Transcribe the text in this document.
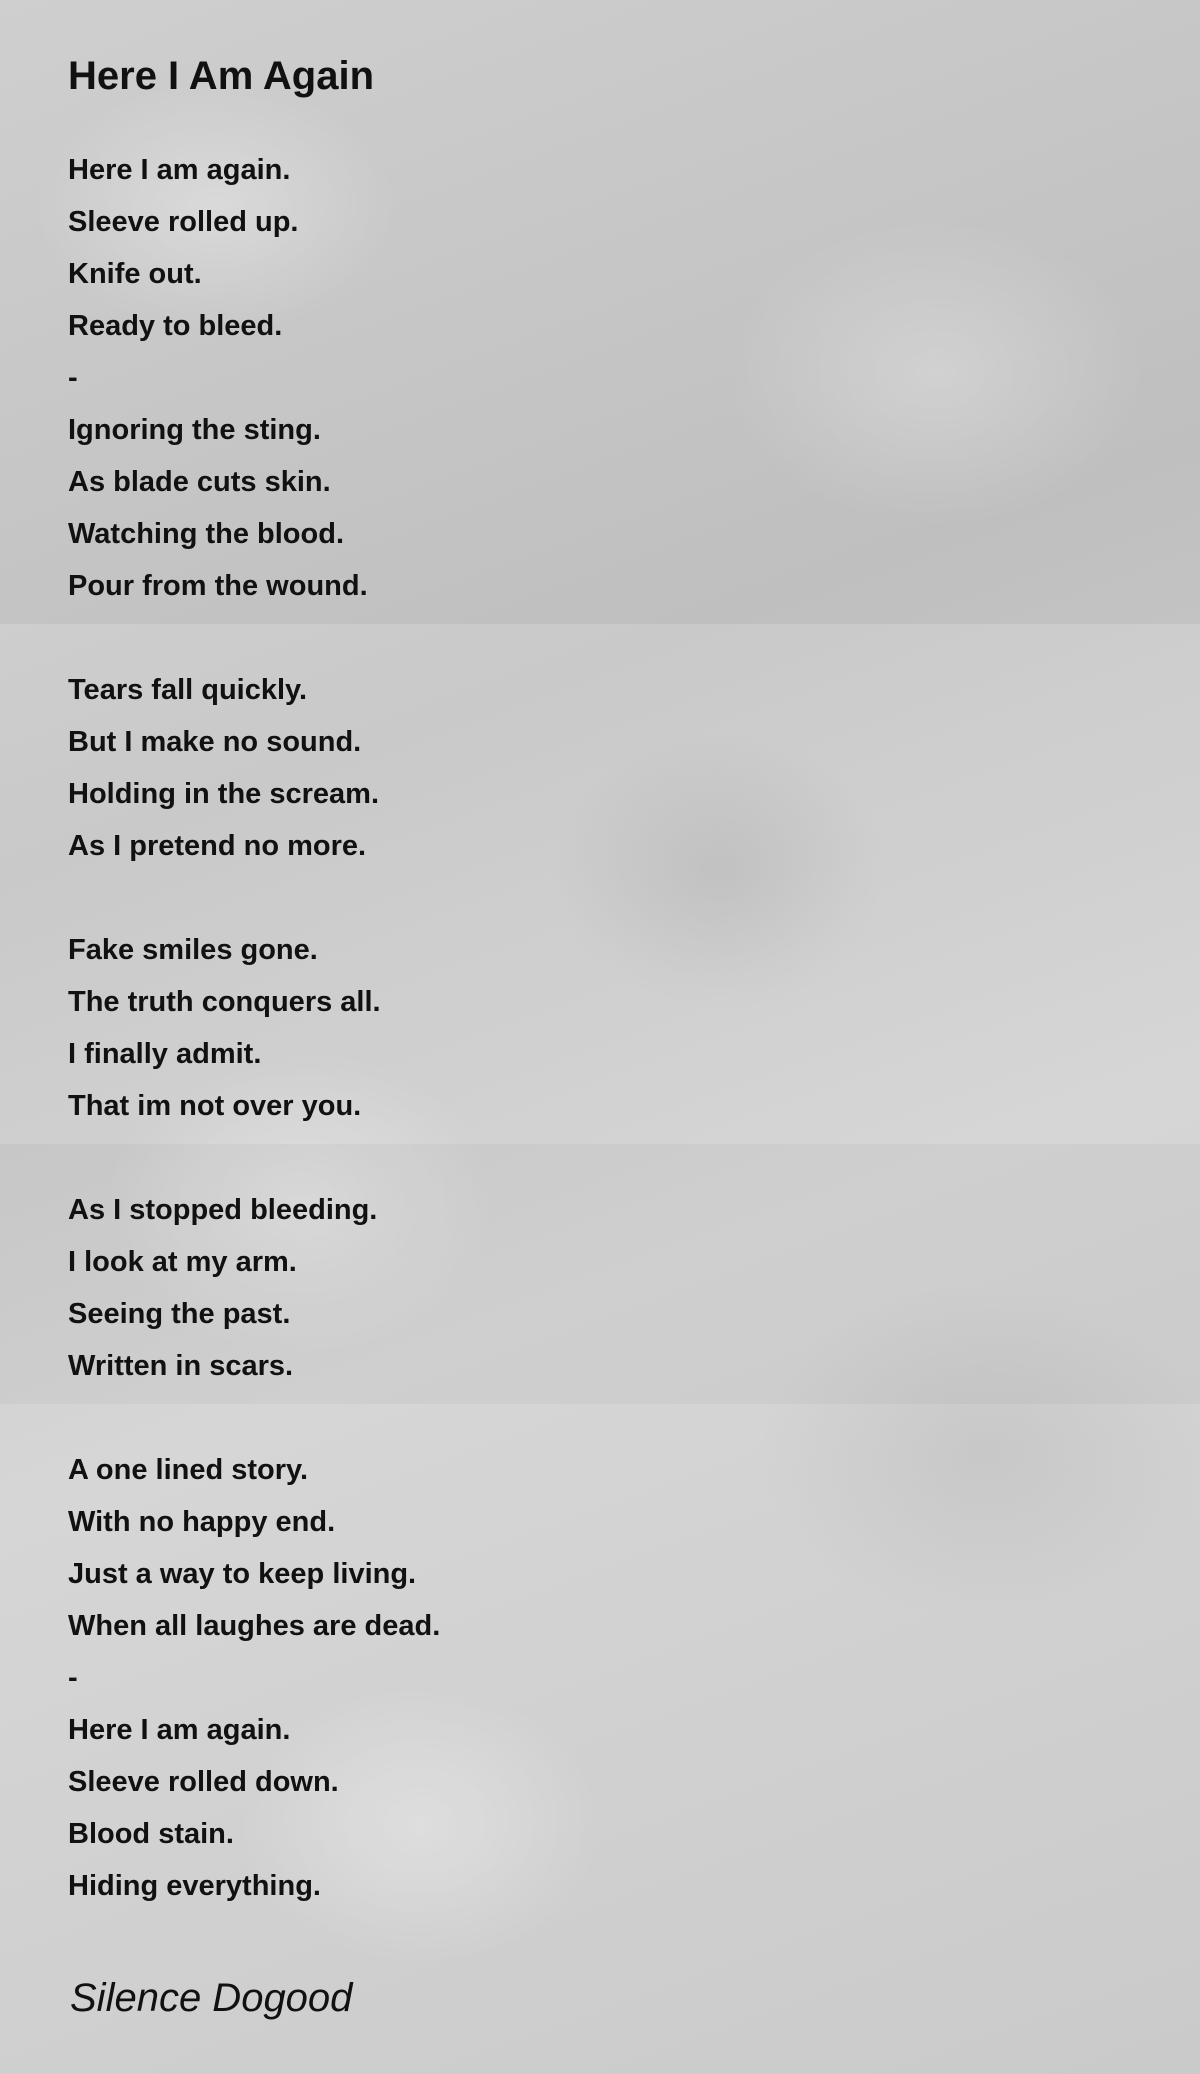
Here I Am Again
Here I am again.
Sleeve rolled up.
Knife out.
Ready to bleed.
-
Ignoring the sting.
As blade cuts skin.
Watching the blood.
Pour from the wound.
Tears fall quickly.
But I make no sound.
Holding in the scream.
As I pretend no more.
Fake smiles gone.
The truth conquers all.
I finally admit.
That im not over you.
As I stopped bleeding.
I look at my arm.
Seeing the past.
Written in scars.
A one lined story.
With no happy end.
Just a way to keep living.
When all laughes are dead.
-
Here I am again.
Sleeve rolled down.
Blood stain.
Hiding everything.
Silence Dogood
